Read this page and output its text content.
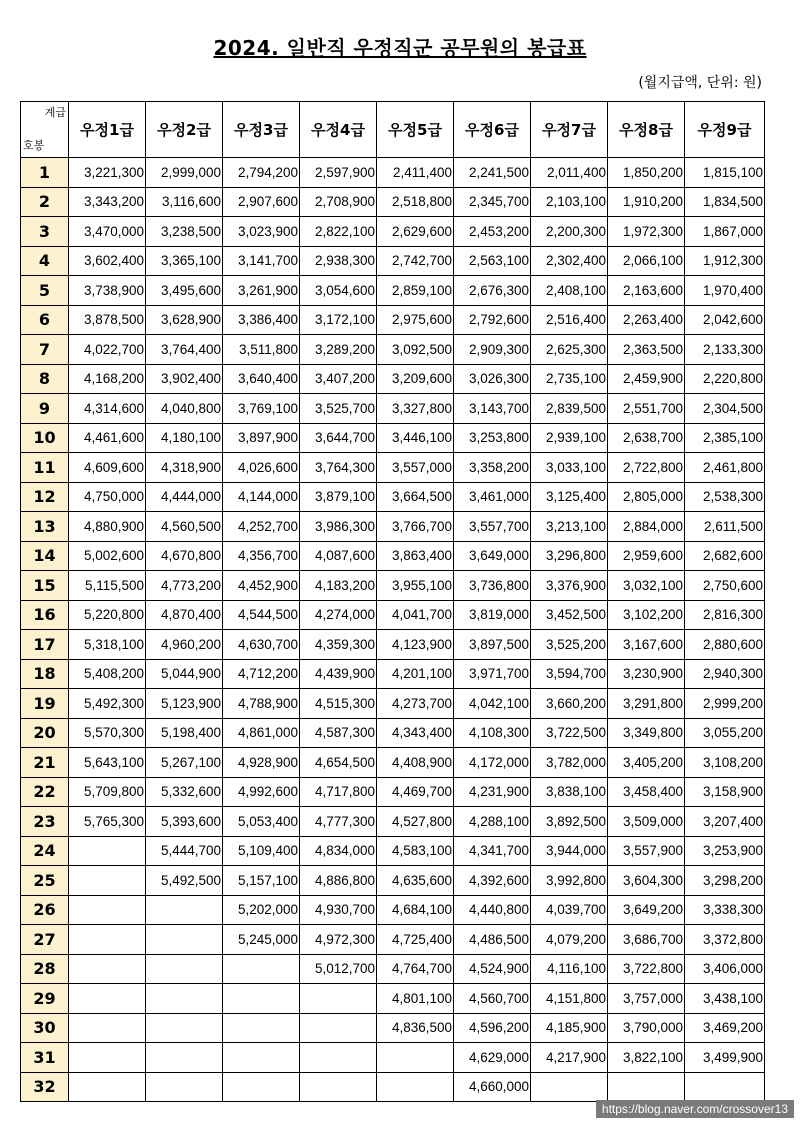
2024. 일반직 우정직군 공무원의 봉급표
(월지급액, 단위: 원)
계급
호봉	우정1급	우정2급	우정3급	우정4급	우정5급	우정6급	우정7급	우정8급	우정9급
1	3,221,300	2,999,000	2,794,200	2,597,900	2,411,400	2,241,500	2,011,400	1,850,200	1,815,100
2	3,343,200	3,116,600	2,907,600	2,708,900	2,518,800	2,345,700	2,103,100	1,910,200	1,834,500
3	3,470,000	3,238,500	3,023,900	2,822,100	2,629,600	2,453,200	2,200,300	1,972,300	1,867,000
4	3,602,400	3,365,100	3,141,700	2,938,300	2,742,700	2,563,100	2,302,400	2,066,100	1,912,300
5	3,738,900	3,495,600	3,261,900	3,054,600	2,859,100	2,676,300	2,408,100	2,163,600	1,970,400
6	3,878,500	3,628,900	3,386,400	3,172,100	2,975,600	2,792,600	2,516,400	2,263,400	2,042,600
7	4,022,700	3,764,400	3,511,800	3,289,200	3,092,500	2,909,300	2,625,300	2,363,500	2,133,300
8	4,168,200	3,902,400	3,640,400	3,407,200	3,209,600	3,026,300	2,735,100	2,459,900	2,220,800
9	4,314,600	4,040,800	3,769,100	3,525,700	3,327,800	3,143,700	2,839,500	2,551,700	2,304,500
10	4,461,600	4,180,100	3,897,900	3,644,700	3,446,100	3,253,800	2,939,100	2,638,700	2,385,100
11	4,609,600	4,318,900	4,026,600	3,764,300	3,557,000	3,358,200	3,033,100	2,722,800	2,461,800
12	4,750,000	4,444,000	4,144,000	3,879,100	3,664,500	3,461,000	3,125,400	2,805,000	2,538,300
13	4,880,900	4,560,500	4,252,700	3,986,300	3,766,700	3,557,700	3,213,100	2,884,000	2,611,500
14	5,002,600	4,670,800	4,356,700	4,087,600	3,863,400	3,649,000	3,296,800	2,959,600	2,682,600
15	5,115,500	4,773,200	4,452,900	4,183,200	3,955,100	3,736,800	3,376,900	3,032,100	2,750,600
16	5,220,800	4,870,400	4,544,500	4,274,000	4,041,700	3,819,000	3,452,500	3,102,200	2,816,300
17	5,318,100	4,960,200	4,630,700	4,359,300	4,123,900	3,897,500	3,525,200	3,167,600	2,880,600
18	5,408,200	5,044,900	4,712,200	4,439,900	4,201,100	3,971,700	3,594,700	3,230,900	2,940,300
19	5,492,300	5,123,900	4,788,900	4,515,300	4,273,700	4,042,100	3,660,200	3,291,800	2,999,200
20	5,570,300	5,198,400	4,861,000	4,587,300	4,343,400	4,108,300	3,722,500	3,349,800	3,055,200
21	5,643,100	5,267,100	4,928,900	4,654,500	4,408,900	4,172,000	3,782,000	3,405,200	3,108,200
22	5,709,800	5,332,600	4,992,600	4,717,800	4,469,700	4,231,900	3,838,100	3,458,400	3,158,900
23	5,765,300	5,393,600	5,053,400	4,777,300	4,527,800	4,288,100	3,892,500	3,509,000	3,207,400
24		5,444,700	5,109,400	4,834,000	4,583,100	4,341,700	3,944,000	3,557,900	3,253,900
25		5,492,500	5,157,100	4,886,800	4,635,600	4,392,600	3,992,800	3,604,300	3,298,200
26			5,202,000	4,930,700	4,684,100	4,440,800	4,039,700	3,649,200	3,338,300
27			5,245,000	4,972,300	4,725,400	4,486,500	4,079,200	3,686,700	3,372,800
28				5,012,700	4,764,700	4,524,900	4,116,100	3,722,800	3,406,000
29					4,801,100	4,560,700	4,151,800	3,757,000	3,438,100
30					4,836,500	4,596,200	4,185,900	3,790,000	3,469,200
31						4,629,000	4,217,900	3,822,100	3,499,900
32						4,660,000			
https://blog.naver.com/crossover13
